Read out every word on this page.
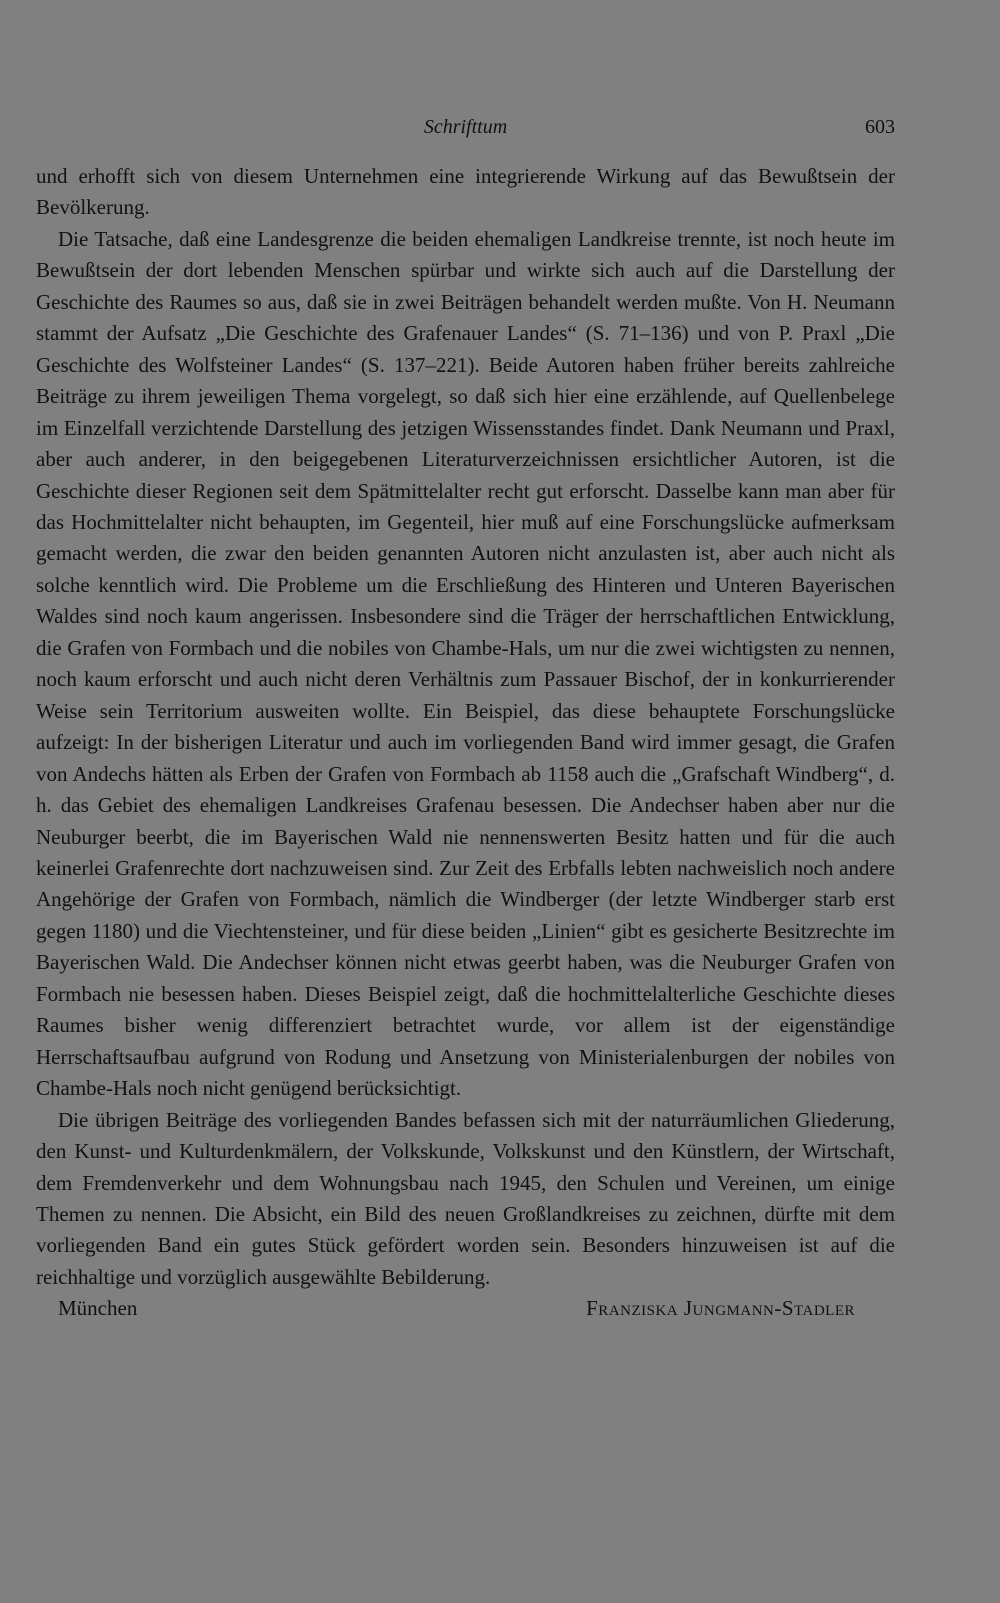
Schrifttum	603

und erhofft sich von diesem Unternehmen eine integrierende Wirkung auf das Bewußtsein der Bevölkerung.

Die Tatsache, daß eine Landesgrenze die beiden ehemaligen Landkreise trennte, ist noch heute im Bewußtsein der dort lebenden Menschen spürbar und wirkte sich auch auf die Darstellung der Geschichte des Raumes so aus, daß sie in zwei Beiträgen behandelt werden mußte. Von H. Neumann stammt der Aufsatz „Die Geschichte des Grafenauer Landes“ (S. 71–136) und von P. Praxl „Die Geschichte des Wolfsteiner Landes“ (S. 137–221). Beide Autoren haben früher bereits zahlreiche Beiträge zu ihrem jeweiligen Thema vorgelegt, so daß sich hier eine erzählende, auf Quellenbelege im Einzelfall verzichtende Darstellung des jetzigen Wissensstandes findet. Dank Neumann und Praxl, aber auch anderer, in den beigegebenen Literaturverzeichnissen ersichtlicher Autoren, ist die Geschichte dieser Regionen seit dem Spätmittelalter recht gut erforscht. Dasselbe kann man aber für das Hochmittelalter nicht behaupten, im Gegenteil, hier muß auf eine Forschungslücke aufmerksam gemacht werden, die zwar den beiden genannten Autoren nicht anzulasten ist, aber auch nicht als solche kenntlich wird. Die Probleme um die Erschließung des Hinteren und Unteren Bayerischen Waldes sind noch kaum angerissen. Insbesondere sind die Träger der herrschaftlichen Entwicklung, die Grafen von Formbach und die nobiles von Chambe-Hals, um nur die zwei wichtigsten zu nennen, noch kaum erforscht und auch nicht deren Verhältnis zum Passauer Bischof, der in konkurrierender Weise sein Territorium ausweiten wollte. Ein Beispiel, das diese behauptete Forschungslücke aufzeigt: In der bisherigen Literatur und auch im vorliegenden Band wird immer gesagt, die Grafen von Andechs hätten als Erben der Grafen von Formbach ab 1158 auch die „Grafschaft Windberg“, d. h. das Gebiet des ehemaligen Landkreises Grafenau besessen. Die Andechser haben aber nur die Neuburger beerbt, die im Bayerischen Wald nie nennenswerten Besitz hatten und für die auch keinerlei Grafenrechte dort nachzuweisen sind. Zur Zeit des Erbfalls lebten nachweislich noch andere Angehörige der Grafen von Formbach, nämlich die Windberger (der letzte Windberger starb erst gegen 1180) und die Viechtensteiner, und für diese beiden „Linien“ gibt es gesicherte Besitzrechte im Bayerischen Wald. Die Andechser können nicht etwas geerbt haben, was die Neuburger Grafen von Formbach nie besessen haben. Dieses Beispiel zeigt, daß die hochmittelalterliche Geschichte dieses Raumes bisher wenig differenziert betrachtet wurde, vor allem ist der eigenständige Herrschaftsaufbau aufgrund von Rodung und Ansetzung von Ministerialenburgen der nobiles von Chambe-Hals noch nicht genügend berücksichtigt.

Die übrigen Beiträge des vorliegenden Bandes befassen sich mit der naturräumlichen Gliederung, den Kunst- und Kulturdenkmälern, der Volkskunde, Volkskunst und den Künstlern, der Wirtschaft, dem Fremdenverkehr und dem Wohnungsbau nach 1945, den Schulen und Vereinen, um einige Themen zu nennen. Die Absicht, ein Bild des neuen Großlandkreises zu zeichnen, dürfte mit dem vorliegenden Band ein gutes Stück gefördert worden sein. Besonders hinzuweisen ist auf die reichhaltige und vorzüglich ausgewählte Bebilderung.

München	Franziska Jungmann-Stadler
